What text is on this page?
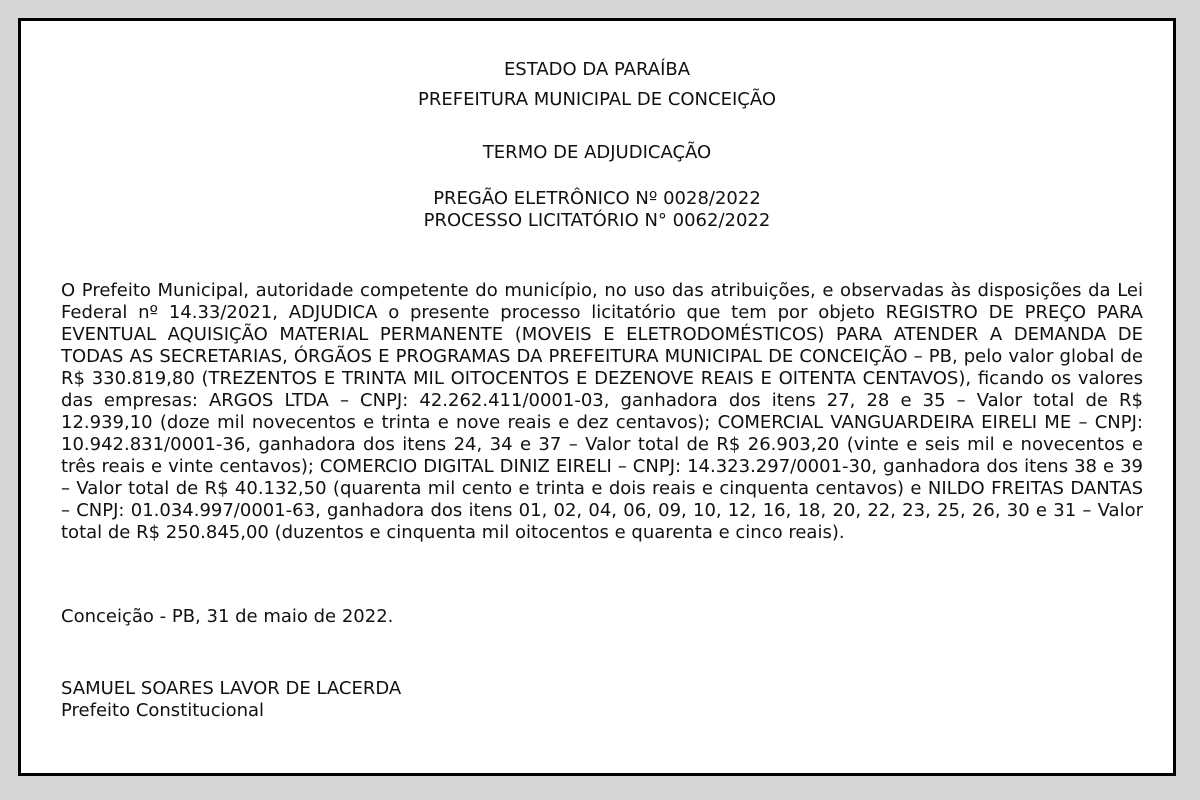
ESTADO DA PARAÍBA
PREFEITURA MUNICIPAL DE CONCEIÇÃO
TERMO DE ADJUDICAÇÃO
PREGÃO ELETRÔNICO Nº 0028/2022
PROCESSO LICITATÓRIO N° 0062/2022

O Prefeito Municipal, autoridade competente do município, no uso das atribuições, e observadas às disposições da Lei Federal nº 14.33/2021, ADJUDICA o presente processo licitatório que tem por objeto REGISTRO DE PREÇO PARA EVENTUAL AQUISIÇÃO MATERIAL PERMANENTE (MOVEIS E ELETRODOMÉSTICOS) PARA ATENDER A DEMANDA DE TODAS AS SECRETARIAS, ÓRGÃOS E PROGRAMAS DA PREFEITURA MUNICIPAL DE CONCEIÇÃO – PB, pelo valor global de R$ 330.819,80 (TREZENTOS E TRINTA MIL OITOCENTOS E DEZENOVE REAIS E OITENTA CENTAVOS), ficando os valores das empresas: ARGOS LTDA – CNPJ: 42.262.411/0001-03, ganhadora dos itens 27, 28 e 35 – Valor total de R$ 12.939,10 (doze mil novecentos e trinta e nove reais e dez centavos); COMERCIAL VANGUARDEIRA EIRELI ME – CNPJ: 10.942.831/0001-36, ganhadora dos itens 24, 34 e 37 – Valor total de R$ 26.903,20 (vinte e seis mil e novecentos e três reais e vinte centavos); COMERCIO DIGITAL DINIZ EIRELI – CNPJ: 14.323.297/0001-30, ganhadora dos itens 38 e 39 – Valor total de R$ 40.132,50 (quarenta mil cento e trinta e dois reais e cinquenta centavos) e NILDO FREITAS DANTAS – CNPJ: 01.034.997/0001-63, ganhadora dos itens 01, 02, 04, 06, 09, 10, 12, 16, 18, 20, 22, 23, 25, 26, 30 e 31 – Valor total de R$ 250.845,00 (duzentos e cinquenta mil oitocentos e quarenta e cinco reais).

Conceição - PB, 31 de maio de 2022.

SAMUEL SOARES LAVOR DE LACERDA
Prefeito Constitucional
